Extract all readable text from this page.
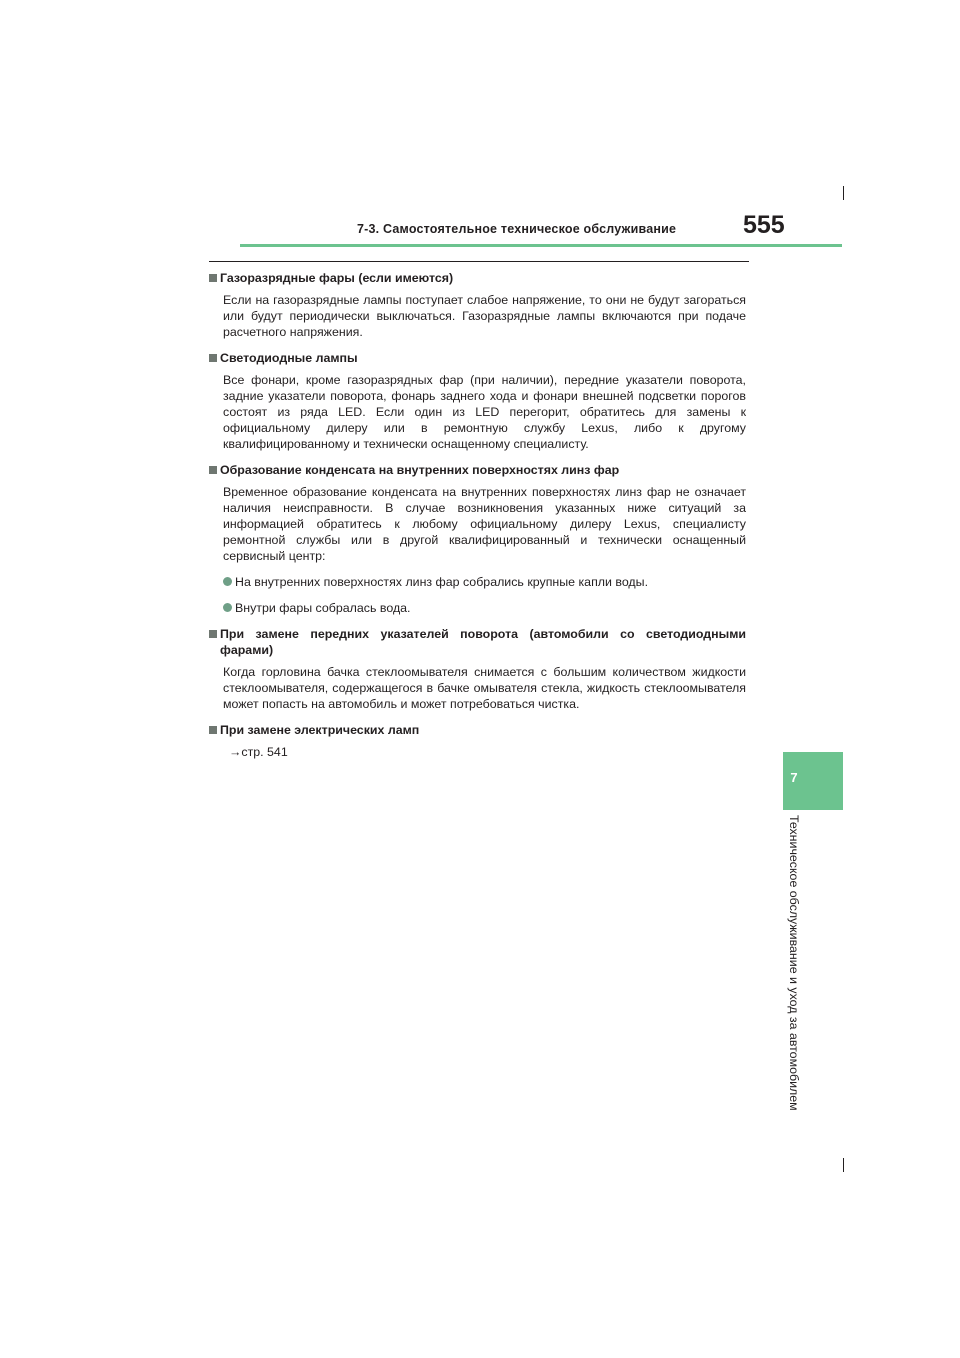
7-3. Самостоятельное техническое обслуживание	555
Газоразрядные фары (если имеются)
Если на газоразрядные лампы поступает слабое напряжение, то они не будут загораться или будут периодически выключаться. Газоразрядные лампы включаются при подаче расчетного напряжения.
Светодиодные лампы
Все фонари, кроме газоразрядных фар (при наличии), передние указатели поворота, задние указатели поворота, фонарь заднего хода и фонари внешней подсветки порогов состоят из ряда LED. Если один из LED перегорит, обратитесь для замены к официальному дилеру или в ремонтную службу Lexus, либо к другому квалифицированному и технически оснащенному специалисту.
Образование конденсата на внутренних поверхностях линз фар
Временное образование конденсата на внутренних поверхностях линз фар не означает наличия неисправности. В случае возникновения указанных ниже ситуаций за информацией обратитесь к любому официальному дилеру Lexus, специалисту ремонтной службы или в другой квалифицированный и технически оснащенный сервисный центр:
На внутренних поверхностях линз фар собрались крупные капли воды.
Внутри фары собралась вода.
При замене передних указателей поворота (автомобили со светодиодными фарами)
Когда горловина бачка стеклоомывателя снимается с большим количеством жидкости стеклоомывателя, содержащегося в бачке омывателя стекла, жидкость стеклоомывателя может попасть на автомобиль и может потребоваться чистка.
При замене электрических ламп
→стр. 541
7
Техническое обслуживание и уход за автомобилем
